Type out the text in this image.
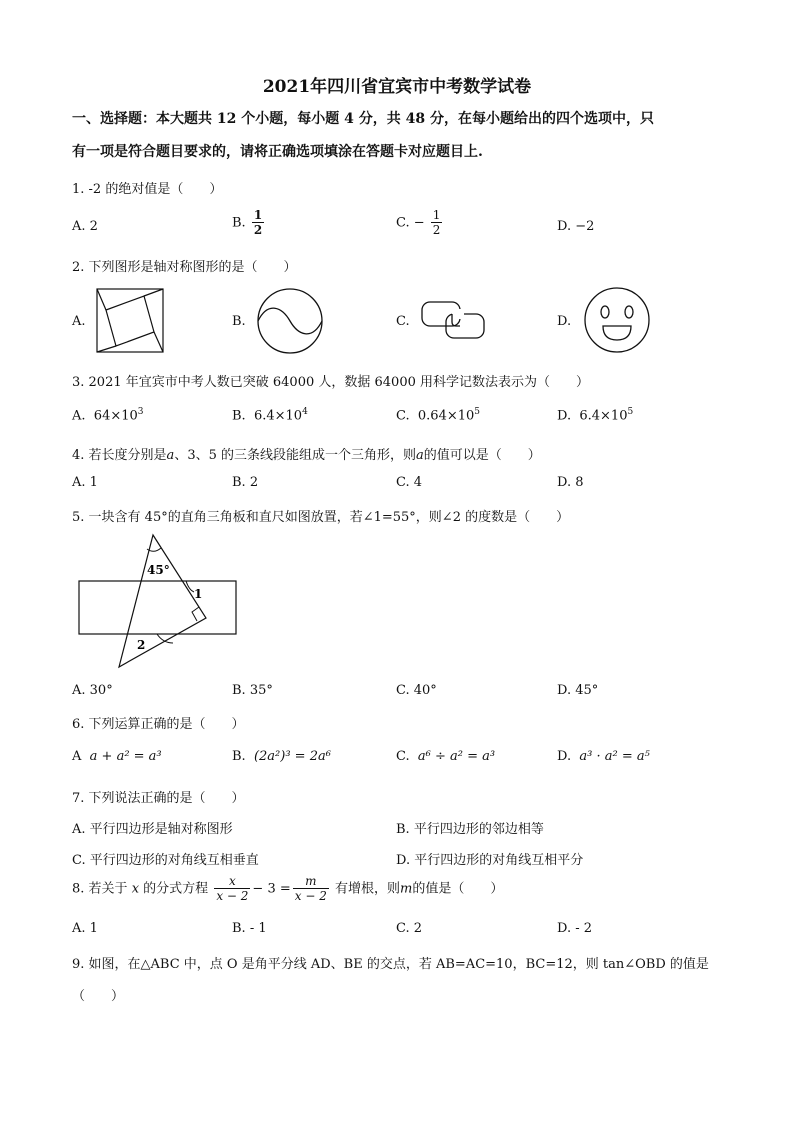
2021年四川省宜宾市中考数学试卷
一、选择题：本大题共 12 个小题，每小题 4 分，共 48 分，在每小题给出的四个选项中，只
有一项是符合题目要求的，请将正确选项填涂在答题卡对应题目上.
1. -2 的绝对值是（　　）
A. 2	B. $\frac{1}{2}$	C. − $\frac{1}{2}$	D. −2
2. 下列图形是轴对称图形的是（　　）
A.	B.	C.	D.
3. 2021 年宜宾市中考人数已突破 64000 人，数据 64000 用科学记数法表示为（　　）
A. $64\times 10^3$	B. $6.4\times 10^4$	C. $0.64\times 10^5$	D. $6.4\times 10^5$
4. 若长度分别是a、3、5 的三条线段能组成一个三角形，则a的值可以是（　　）
A. 1	B. 2	C. 4	D. 8
5. 一块含有 45°的直角三角板和直尺如图放置，若∠1=55°，则∠2 的度数是（　　）
45°
1
2
A. 30°	B. 35°	C. 40°	D. 45°
6. 下列运算正确的是（　　）
A a + a² = a³	B. (2a²)³ = 2a⁶	C. a⁶ ÷ a² = a³	D. a³ · a² = a⁵
7. 下列说法正确的是（　　）
A. 平行四边形是轴对称图形	B. 平行四边形的邻边相等
C. 平行四边形的对角线互相垂直	D. 平行四边形的对角线互相平分
8. 若关于 x 的分式方程 $\frac{x}{x - 2} - 3 = \frac{m}{x - 2}$ 有增根，则m的值是（　　）
A. 1	B. - 1	C. 2	D. - 2
9. 如图，在△ABC 中，点 O 是角平分线 AD、BE 的交点，若 AB=AC=10，BC=12，则 tan∠OBD 的值是
（　　）
